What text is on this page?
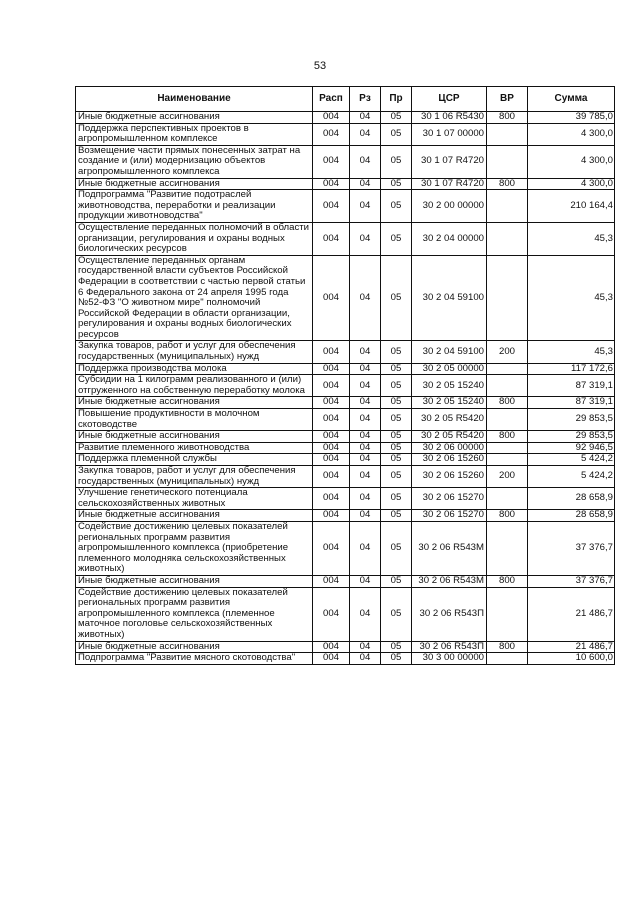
53
Наименование	Расп	Рз	Пр	ЦСР	ВР	Сумма
Иные бюджетные ассигнования	004	04	05	30 1 06 R5430	800	39 785,0
Поддержка перспективных проектов в агропромышленном комплексе	004	04	05	30 1 07 00000		4 300,0
Возмещение части прямых понесенных затрат на создание и (или) модернизацию объектов агропромышленного комплекса	004	04	05	30 1 07 R4720		4 300,0
Иные бюджетные ассигнования	004	04	05	30 1 07 R4720	800	4 300,0
Подпрограмма "Развитие подотраслей животноводства, переработки и реализации продукции животноводства"	004	04	05	30 2 00 00000		210 164,4
Осуществление переданных полномочий в области организации, регулирования и охраны водных биологических ресурсов	004	04	05	30 2 04 00000		45,3
Осуществление переданных органам государственной власти субъектов Российской Федерации в соответствии с частью первой статьи 6 Федерального закона от 24 апреля 1995 года №52-ФЗ "О животном мире" полномочий Российской Федерации в области организации, регулирования и охраны водных биологических ресурсов	004	04	05	30 2 04 59100		45,3
Закупка товаров, работ и услуг для обеспечения государственных (муниципальных) нужд	004	04	05	30 2 04 59100	200	45,3
Поддержка производства молока	004	04	05	30 2 05 00000		117 172,6
Субсидии на 1 килограмм реализованного и (или) отгруженного на собственную переработку молока	004	04	05	30 2 05 15240		87 319,1
Иные бюджетные ассигнования	004	04	05	30 2 05 15240	800	87 319,1
Повышение продуктивности в молочном скотоводстве	004	04	05	30 2 05 R5420		29 853,5
Иные бюджетные ассигнования	004	04	05	30 2 05 R5420	800	29 853,5
Развитие племенного животноводства	004	04	05	30 2 06 00000		92 946,5
Поддержка племенной службы	004	04	05	30 2 06 15260		5 424,2
Закупка товаров, работ и услуг для обеспечения государственных (муниципальных) нужд	004	04	05	30 2 06 15260	200	5 424,2
Улучшение генетического потенциала сельскохозяйственных животных	004	04	05	30 2 06 15270		28 658,9
Иные бюджетные ассигнования	004	04	05	30 2 06 15270	800	28 658,9
Содействие достижению целевых показателей региональных программ развития агропромышленного комплекса (приобретение племенного молодняка сельскохозяйственных животных)	004	04	05	30 2 06 R543М		37 376,7
Иные бюджетные ассигнования	004	04	05	30 2 06 R543М	800	37 376,7
Содействие достижению целевых показателей региональных программ развития агропромышленного комплекса (племенное маточное поголовье сельскохозяйственных животных)	004	04	05	30 2 06 R543П		21 486,7
Иные бюджетные ассигнования	004	04	05	30 2 06 R543П	800	21 486,7
Подпрограмма "Развитие мясного скотоводства"	004	04	05	30 3 00 00000		10 600,0
